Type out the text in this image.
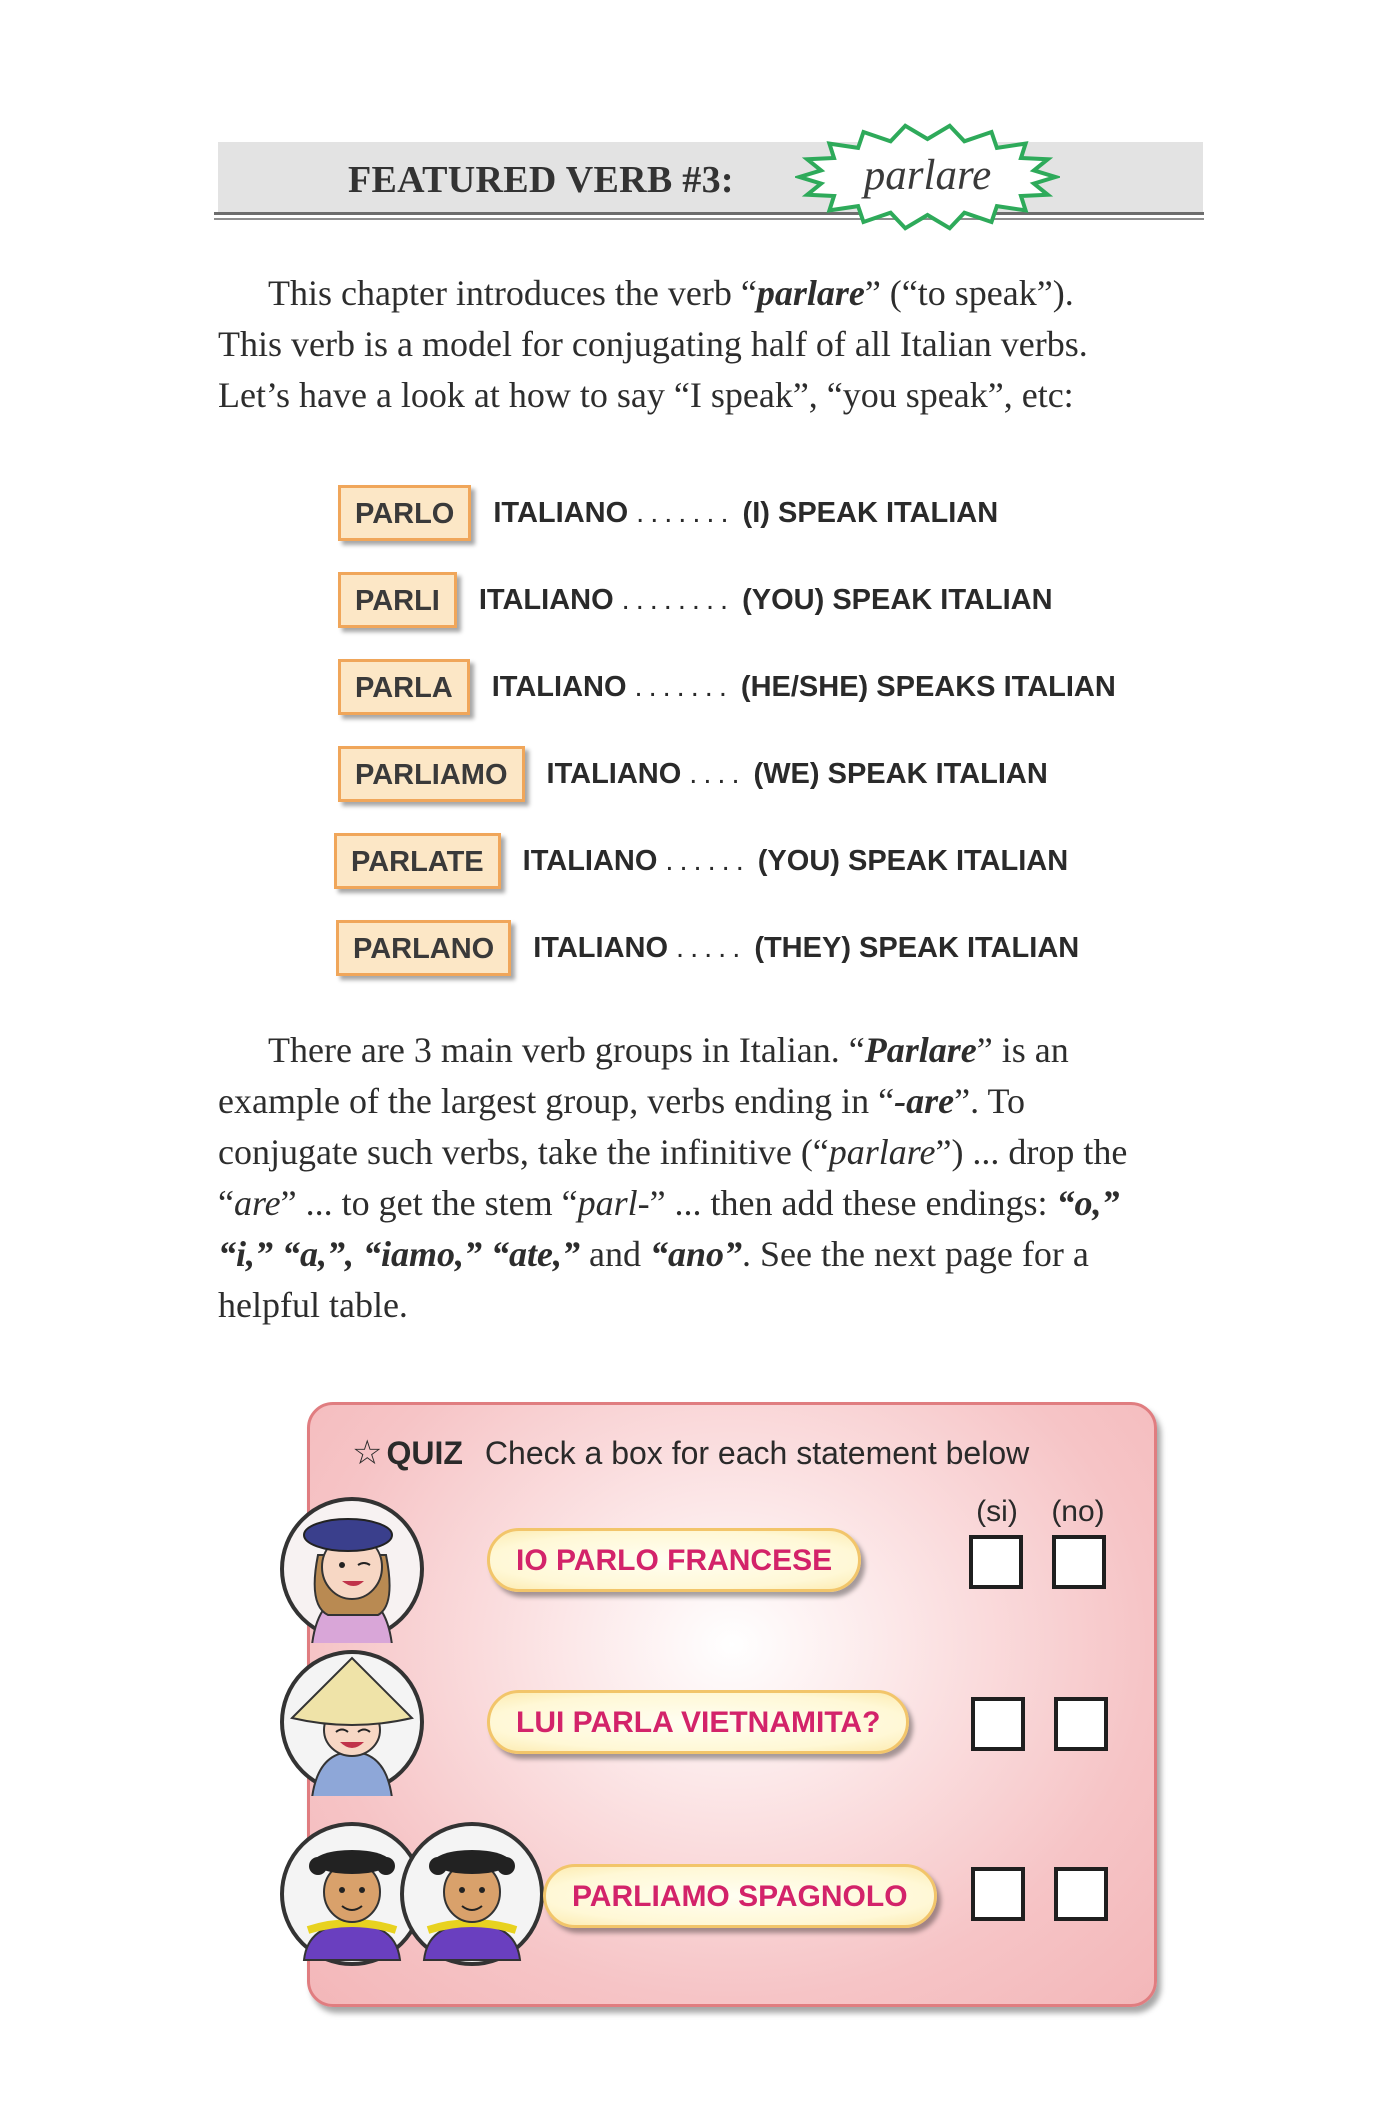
FEATURED VERB #3:	parlare
This chapter introduces the verb “parlare” (“to speak”).
This verb is a model for conjugating half of all Italian verbs.
Let’s have a look at how to say “I speak”, “you speak”, etc:
PARLO	ITALIANO ....... (I) SPEAK ITALIAN
PARLI	ITALIANO ........ (YOU) SPEAK ITALIAN
PARLA	ITALIANO ....... (HE/SHE) SPEAKS ITALIAN
PARLIAMO	ITALIANO .... (WE) SPEAK ITALIAN
PARLATE	ITALIANO ...... (YOU) SPEAK ITALIAN
PARLANO	ITALIANO ..... (THEY) SPEAK ITALIAN
There are 3 main verb groups in Italian. “Parlare” is an
example of the largest group, verbs ending in “-are”. To
conjugate such verbs, take the infinitive (“parlare”) ... drop the
“are” ... to get the stem “parl-” ... then add these endings: “o,”
“i,” “a,”, “iamo,” “ate,” and “ano”. See the next page for a
helpful table.
☆ QUIZ Check a box for each statement below
(si)	(no)
IO PARLO FRANCESE
LUI PARLA VIETNAMITA?
PARLIAMO SPAGNOLO
